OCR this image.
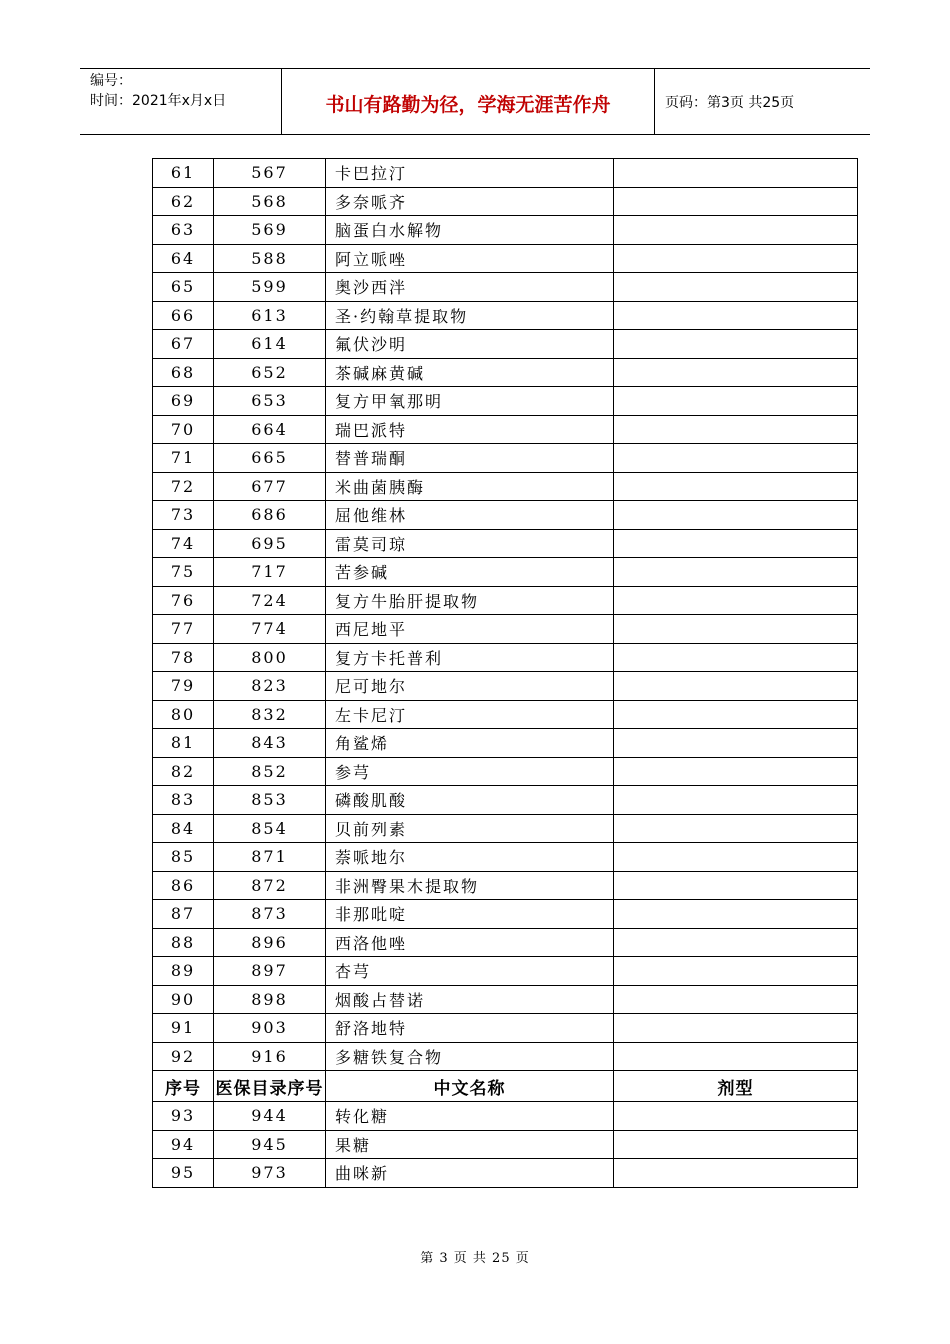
编号：
时间：2021年x月x日	书山有路勤为径，学海无涯苦作舟	页码：第3页 共25页
61	567	卡巴拉汀	
62	568	多奈哌齐	
63	569	脑蛋白水解物	
64	588	阿立哌唑	
65	599	奥沙西泮	
66	613	圣·约翰草提取物	
67	614	氟伏沙明	
68	652	茶碱麻黄碱	
69	653	复方甲氧那明	
70	664	瑞巴派特	
71	665	替普瑞酮	
72	677	米曲菌胰酶	
73	686	屈他维林	
74	695	雷莫司琼	
75	717	苦参碱	
76	724	复方牛胎肝提取物	
77	774	西尼地平	
78	800	复方卡托普利	
79	823	尼可地尔	
80	832	左卡尼汀	
81	843	角鲨烯	
82	852	参芎	
83	853	磷酸肌酸	
84	854	贝前列素	
85	871	萘哌地尔	
86	872	非洲臀果木提取物	
87	873	非那吡啶	
88	896	西洛他唑	
89	897	杏芎	
90	898	烟酸占替诺	
91	903	舒洛地特	
92	916	多糖铁复合物	
序号	医保目录序号	中文名称	剂型
93	944	转化糖	
94	945	果糖	
95	973	曲咪新	
第 3 页 共 25 页
